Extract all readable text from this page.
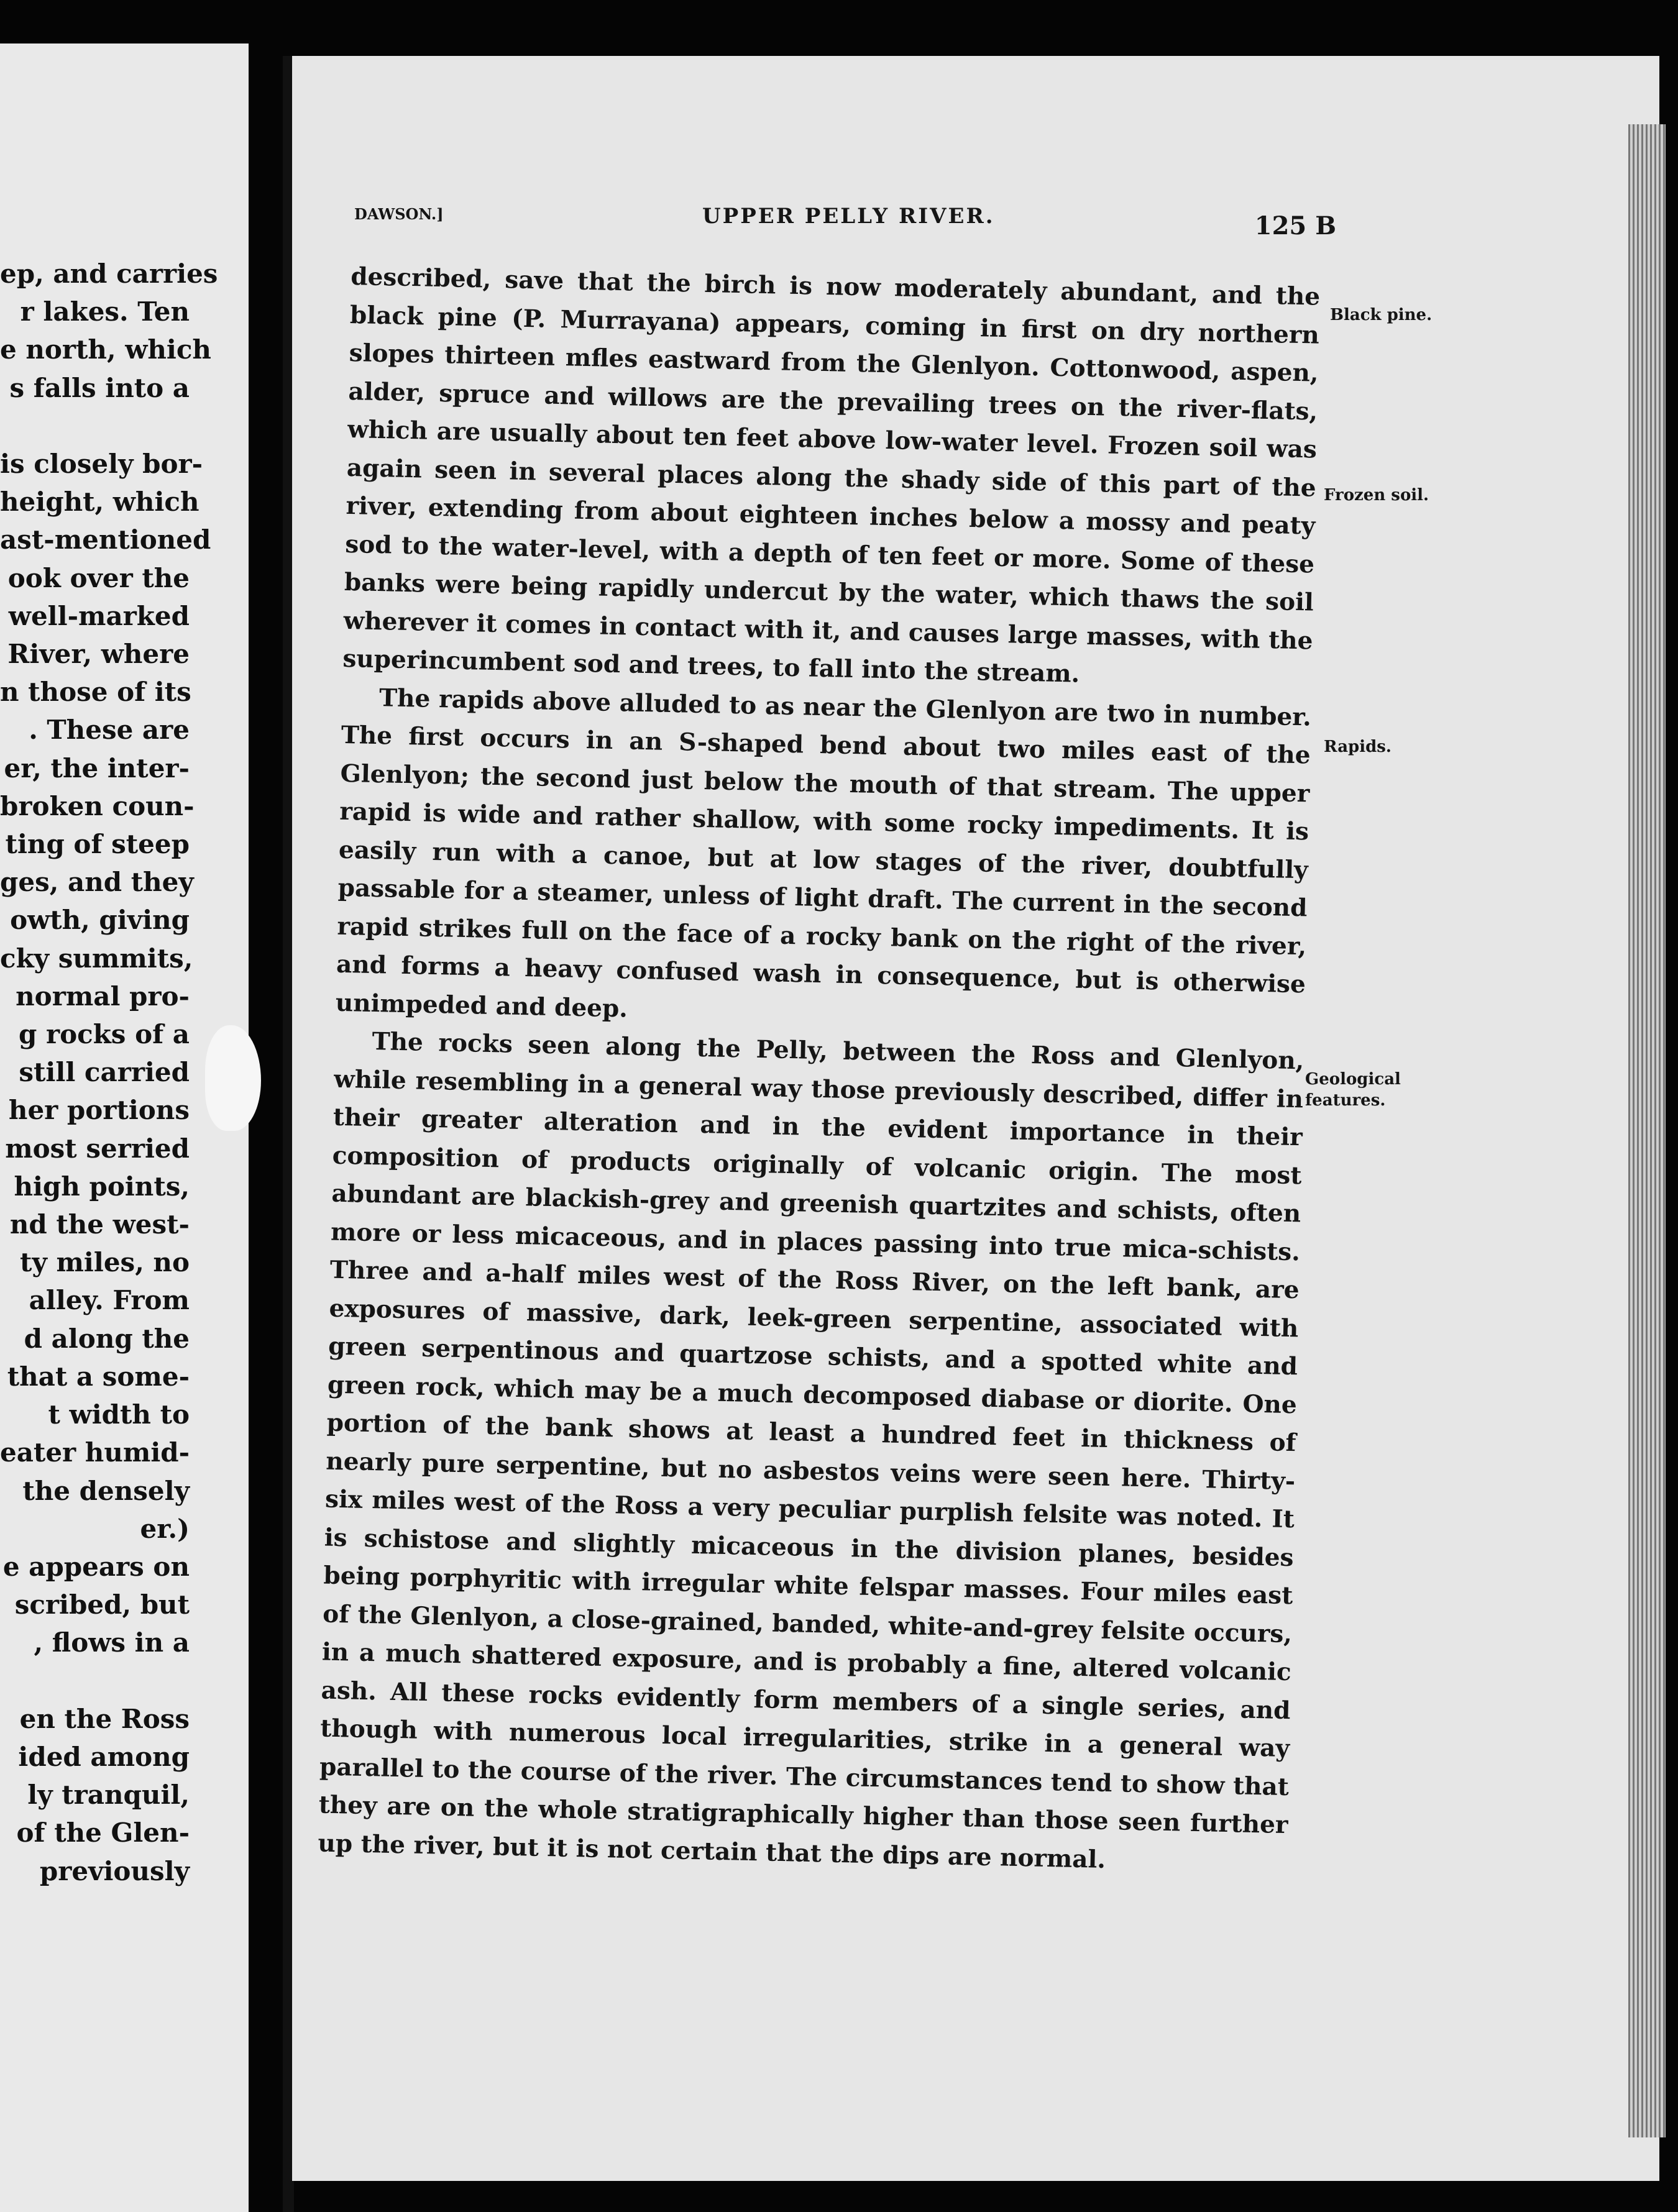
ep, and carries
r lakes. Ten
e north, which
s falls into a

is closely bor-
height, which
ast-mentioned
ook over the
well-marked
River, where
n those of its
. These are
er, the inter-
broken coun-
ting of steep
ges, and they
owth, giving
cky summits,
normal pro-
g rocks of a
still carried
her portions
most serried
high points,
nd the west-
ty miles, no
alley. From
d along the
that a some-
t width to
eater humid-
the densely
er.)
e appears on
scribed, but
, flows in a

en the Ross
ided among
ly tranquil,
of the Glen-
previously
DAWSON.]	UPPER PELLY RIVER.	125 B

described, save that the birch is now moderately abundant, and the black pine (P. Murrayana) appears, coming in first on dry northern slopes thirteen mfles eastward from the Glenlyon. Cottonwood, aspen, alder, spruce and willows are the prevailing trees on the river-flats, which are usually about ten feet above low-water level. Frozen soil was again seen in several places along the shady side of this part of the river, extending from about eighteen inches below a mossy and peaty sod to the water-level, with a depth of ten feet or more. Some of these banks were being rapidly undercut by the water, which thaws the soil wherever it comes in contact with it, and causes large masses, with the superincumbent sod and trees, to fall into the stream.

The rapids above alluded to as near the Glenlyon are two in number. The first occurs in an S-shaped bend about two miles east of the Glenlyon; the second just below the mouth of that stream. The upper rapid is wide and rather shallow, with some rocky impediments. It is easily run with a canoe, but at low stages of the river, doubtfully passable for a steamer, unless of light draft. The current in the second rapid strikes full on the face of a rocky bank on the right of the river, and forms a heavy confused wash in consequence, but is otherwise unimpeded and deep.

The rocks seen along the Pelly, between the Ross and Glenlyon, while resembling in a general way those previously described, differ in their greater alteration and in the evident importance in their composition of products originally of volcanic origin. The most abundant are blackish-grey and greenish quartzites and schists, often more or less micaceous, and in places passing into true mica-schists. Three and a-half miles west of the Ross River, on the left bank, are exposures of massive, dark, leek-green serpentine, associated with green serpentinous and quartzose schists, and a spotted white and green rock, which may be a much decomposed diabase or diorite. One portion of the bank shows at least a hundred feet in thickness of nearly pure serpentine, but no asbestos veins were seen here. Thirty-six miles west of the Ross a very peculiar purplish felsite was noted. It is schistose and slightly micaceous in the division planes, besides being porphyritic with irregular white felspar masses. Four miles east of the Glenlyon, a close-grained, banded, white-and-grey felsite occurs, in a much shattered exposure, and is probably a fine, altered volcanic ash. All these rocks evidently form members of a single series, and though with numerous local irregularities, strike in a general way parallel to the course of the river. The circumstances tend to show that they are on the whole stratigraphically higher than those seen further up the river, but it is not certain that the dips are normal.

Black pine.
Frozen soil.
Rapids.
Geological
features.
